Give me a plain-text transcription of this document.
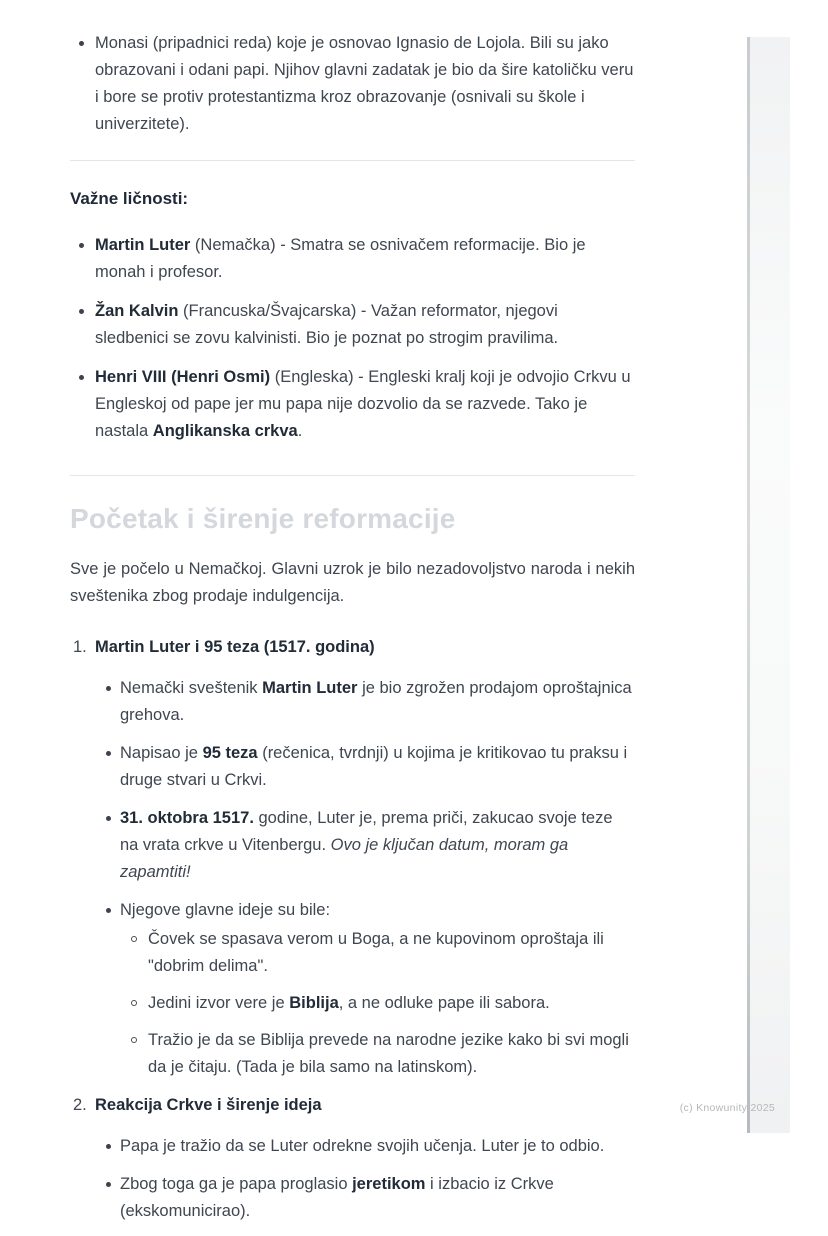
Monasi (pripadnici reda) koje je osnovao Ignasio de Lojola. Bili su jako obrazovani i odani papi. Njihov glavni zadatak je bio da šire katoličku veru i bore se protiv protestantizma kroz obrazovanje (osnivali su škole i univerzitete).
Važne ličnosti:
Martin Luter (Nemačka) - Smatra se osnivačem reformacije. Bio je monah i profesor.
Žan Kalvin (Francuska/Švajcarska) - Važan reformator, njegovi sledbenici se zovu kalvinisti. Bio je poznat po strogim pravilima.
Henri VIII (Henri Osmi) (Engleska) - Engleski kralj koji je odvojio Crkvu u Engleskoj od pape jer mu papa nije dozvolio da se razvede. Tako je nastala Anglikanska crkva.
Početak i širenje reformacije

Sve je počelo u Nemačkoj. Glavni uzrok je bilo nezadovoljstvo naroda i nekih sveštenika zbog prodaje indulgencija.

1. Martin Luter i 95 teza (1517. godina)
Nemački sveštenik Martin Luter je bio zgrožen prodajom oproštajnica grehova.
Napisao je 95 teza (rečenica, tvrdnji) u kojima je kritikovao tu praksu i druge stvari u Crkvi.
31. oktobra 1517. godine, Luter je, prema priči, zakucao svoje teze na vrata crkve u Vitenbergu. Ovo je ključan datum, moram ga zapamtiti!
Njegove glavne ideje su bile:
Čovek se spasava verom u Boga, a ne kupovinom oproštaja ili "dobrim delima".
Jedini izvor vere je Biblija, a ne odluke pape ili sabora.
Tražio je da se Biblija prevede na narodne jezike kako bi svi mogli da je čitaju. (Tada je bila samo na latinskom).
2. Reakcija Crkve i širenje ideja
Papa je tražio da se Luter odrekne svojih učenja. Luter je to odbio.
Zbog toga ga je papa proglasio jeretikom i izbacio iz Crkve (ekskomunicirao).
(c) Knowunity 2025
